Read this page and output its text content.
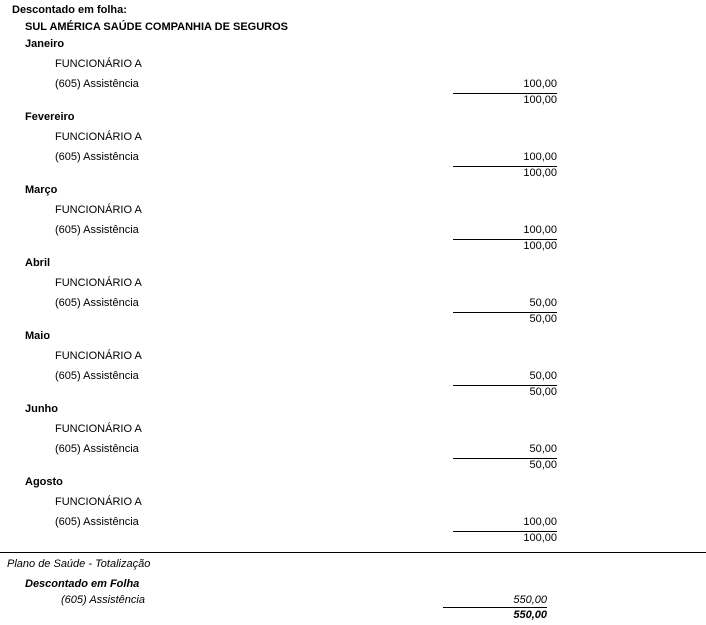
Descontado em folha:
SUL AMÉRICA SAÚDE COMPANHIA DE SEGUROS
Janeiro
FUNCIONÁRIO A
(605) Assistência	100,00
100,00
Fevereiro
FUNCIONÁRIO A
(605) Assistência	100,00
100,00
Março
FUNCIONÁRIO A
(605) Assistência	100,00
100,00
Abril
FUNCIONÁRIO A
(605) Assistência	50,00
50,00
Maio
FUNCIONÁRIO A
(605) Assistência	50,00
50,00
Junho
FUNCIONÁRIO A
(605) Assistência	50,00
50,00
Agosto
FUNCIONÁRIO A
(605) Assistência	100,00
100,00
Plano de Saúde - Totalização
Descontado em Folha
(605) Assistência	550,00
550,00
